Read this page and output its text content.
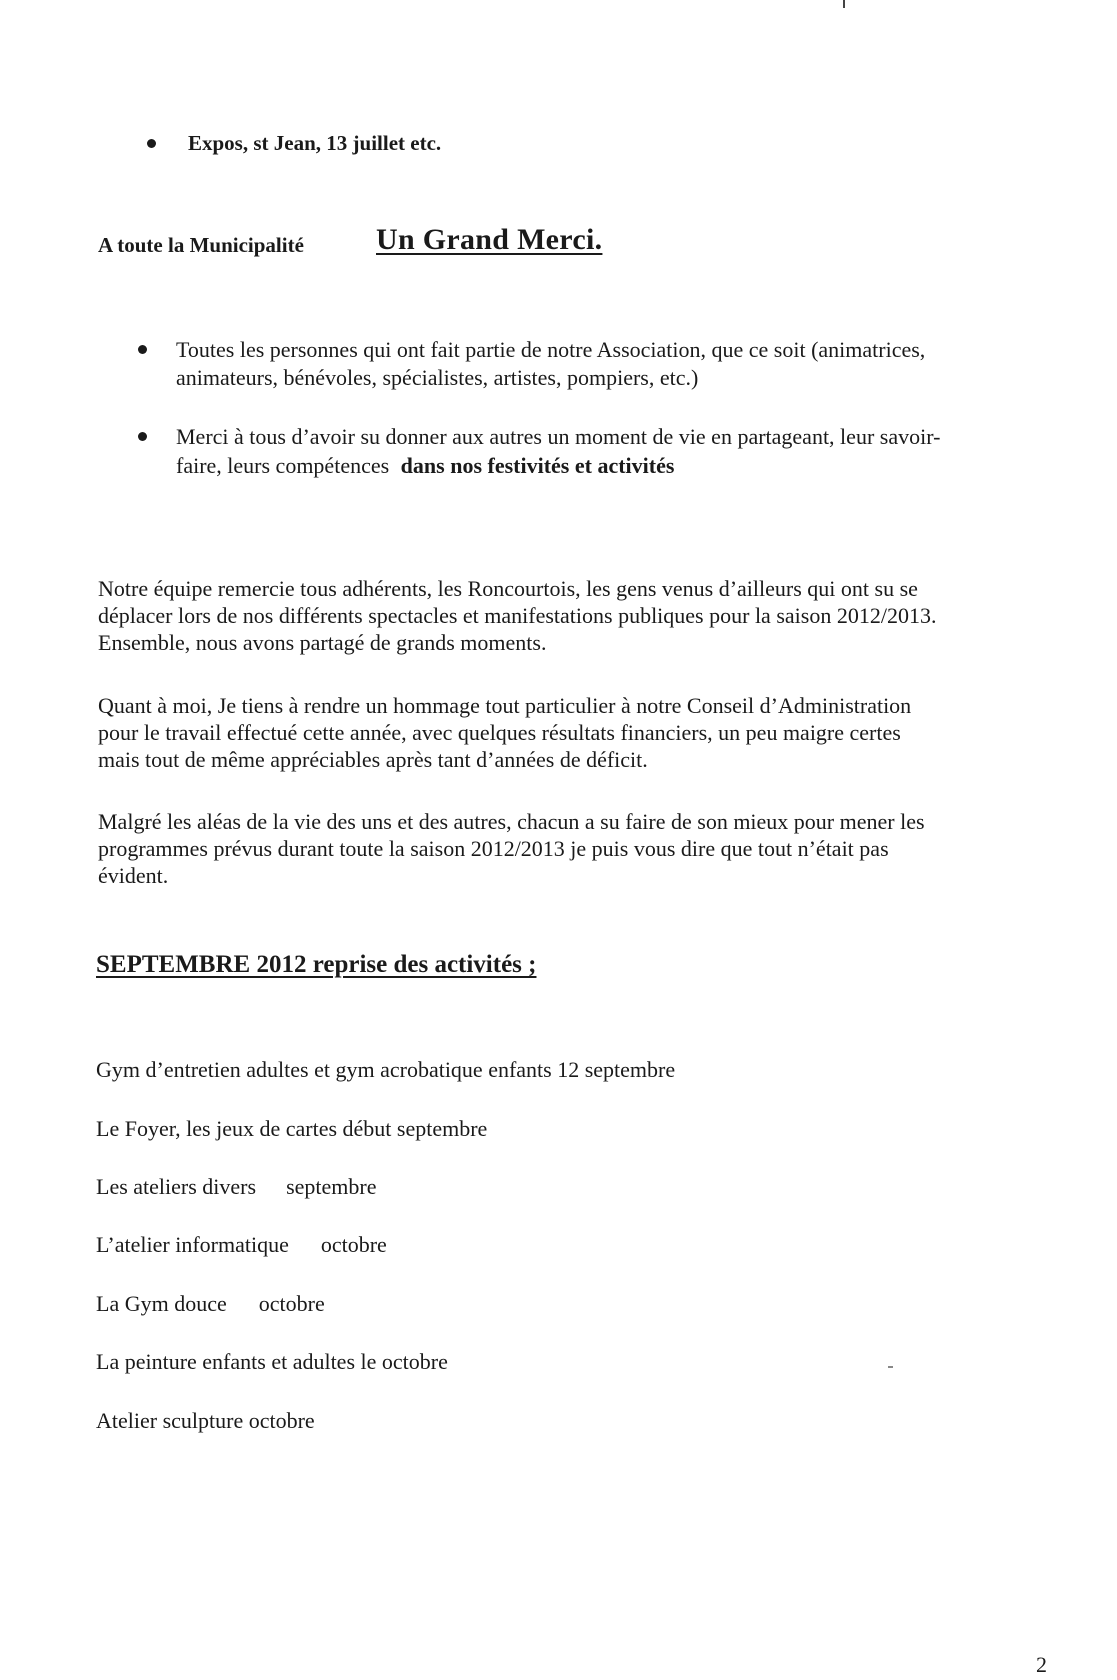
Expos, st Jean, 13 juillet etc.
A toute la Municipalité Un Grand Merci.
Toutes les personnes qui ont fait partie de notre Association, que ce soit (animatrices,
animateurs, bénévoles, spécialistes, artistes, pompiers, etc.)
Merci à tous d’avoir su donner aux autres un moment de vie en partageant, leur savoir-
faire, leurs compétences dans nos festivités et activités
Notre équipe remercie tous adhérents, les Roncourtois, les gens venus d’ailleurs qui ont su se
déplacer lors de nos différents spectacles et manifestations publiques pour la saison 2012/2013.
Ensemble, nous avons partagé de grands moments.
Quant à moi, Je tiens à rendre un hommage tout particulier à notre Conseil d’Administration
pour le travail effectué cette année, avec quelques résultats financiers, un peu maigre certes
mais tout de même appréciables après tant d’années de déficit.
Malgré les aléas de la vie des uns et des autres, chacun a su faire de son mieux pour mener les
programmes prévus durant toute la saison 2012/2013 je puis vous dire que tout n’était pas
évident.
SEPTEMBRE 2012 reprise des activités ;
Gym d’entretien adultes et gym acrobatique enfants 12 septembre
Le Foyer, les jeux de cartes début septembre
Les ateliers divers septembre
L’atelier informatique octobre
La Gym douce octobre
La peinture enfants et adultes le octobre
Atelier sculpture octobre
2
